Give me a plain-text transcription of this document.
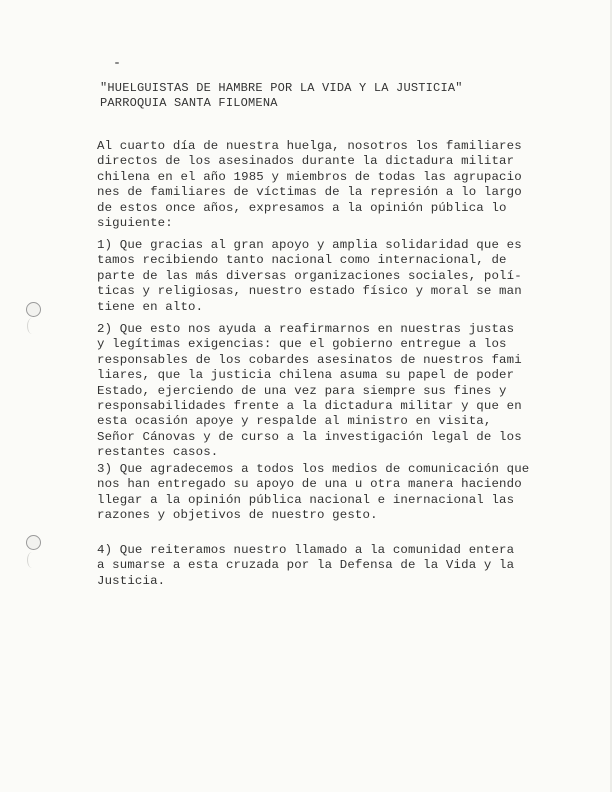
"HUELGUISTAS DE HAMBRE POR LA VIDA Y LA JUSTICIA"
PARROQUIA SANTA FILOMENA
Al cuarto día de nuestra huelga, nosotros los familiares
directos de los asesinados durante la dictadura militar
chilena en el año 1985 y miembros de todas las agrupacio
nes de familiares de víctimas de la represión a lo largo
de estos once años, expresamos a la opinión pública lo
siguiente:
1) Que gracias al gran apoyo y amplia solidaridad que es
tamos recibiendo tanto nacional como internacional, de
parte de las más diversas organizaciones sociales, polí-
ticas y religiosas, nuestro estado físico y moral se man
tiene en alto.
2) Que esto nos ayuda a reafirmarnos en nuestras justas
y legítimas exigencias: que el gobierno entregue a los
responsables de los cobardes asesinatos de nuestros fami
liares, que la justicia chilena asuma su papel de poder
Estado, ejerciendo de una vez para siempre sus fines y
responsabilidades frente a la dictadura militar y que en
esta ocasión apoye y respalde al ministro en visita,
Señor Cánovas y de curso a la investigación legal de los
restantes casos.
3) Que agradecemos a todos los medios de comunicación que
nos han entregado su apoyo de una u otra manera haciendo
llegar a la opinión pública nacional e inernacional las
razones y objetivos de nuestro gesto.
4) Que reiteramos nuestro llamado a la comunidad entera
a sumarse a esta cruzada por la Defensa de la Vida y la
Justicia.
